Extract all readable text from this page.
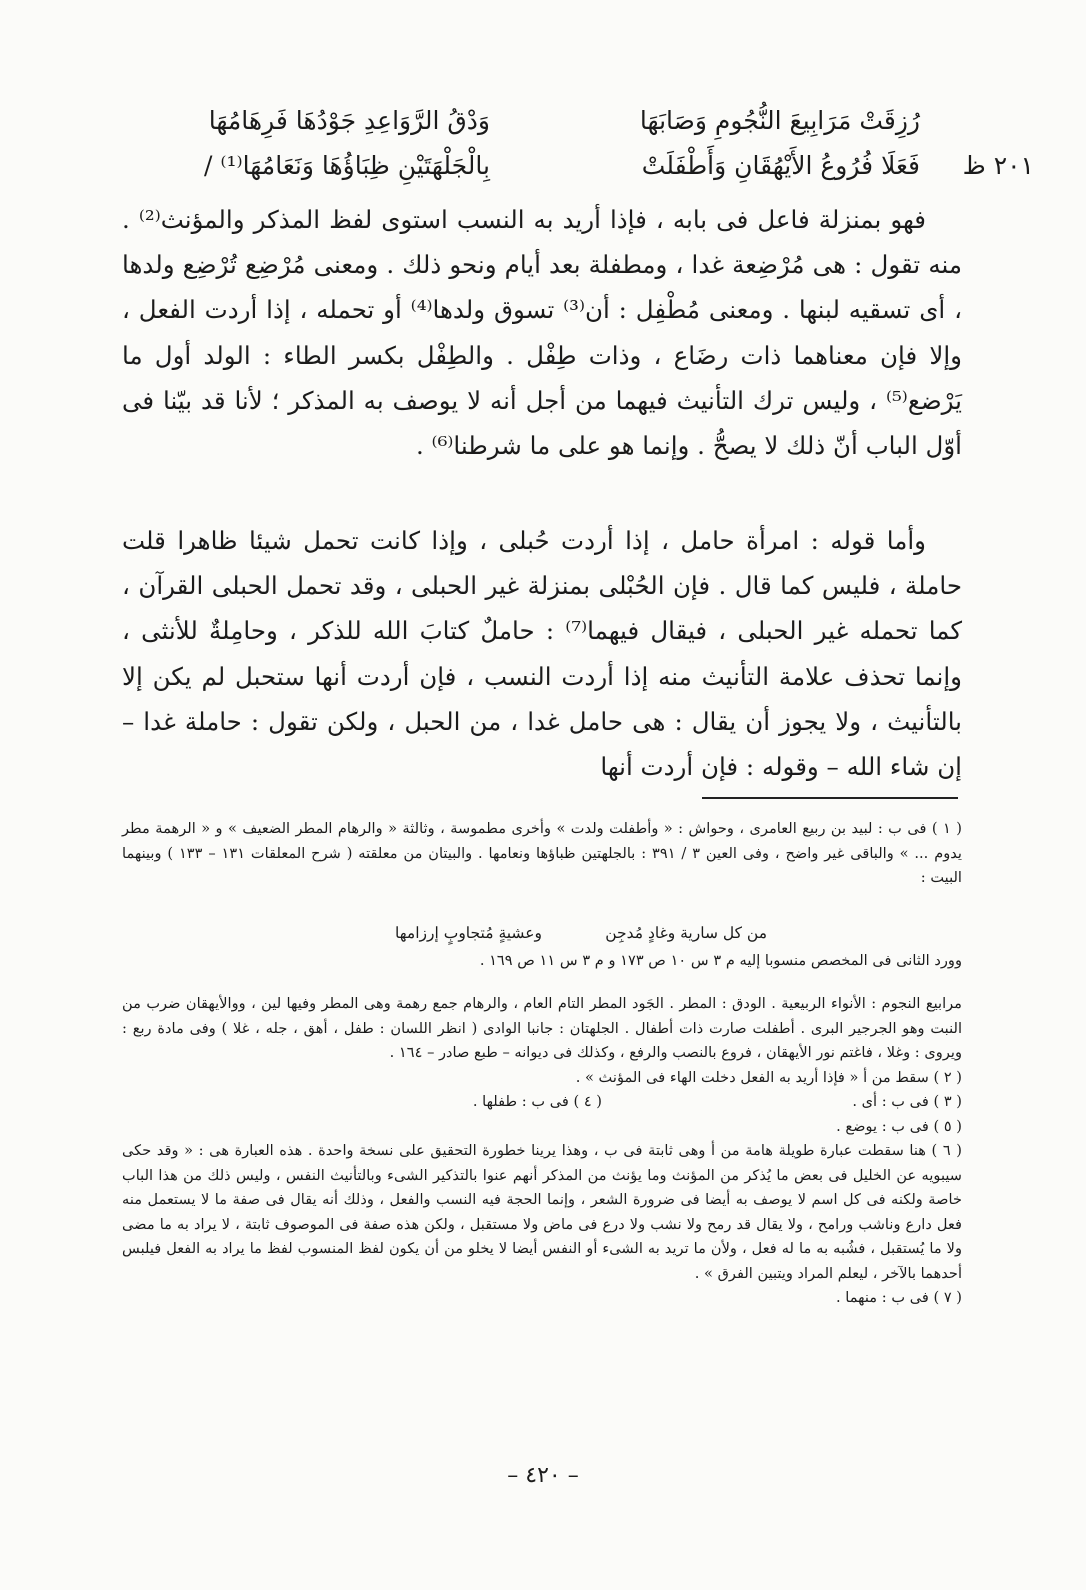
رُزِقَتْ مَرَابِيعَ النُّجُومِ وَصَابَهَا
وَدْقُ الرَّوَاعِدِ جَوْدُهَا فَرِهَامُهَا
فَعَلَا فُرُوعُ الأَيْهُقَانِ وَأَطْفَلَتْ
بِالْجَلْهَتَيْنِ ظِبَاؤُهَا وَنَعَامُهَا⁽¹⁾ /	٢٠١ ظ

فهو بمنزلة فاعل فى بابه ، فإذا أريد به النسب استوى لفظ المذكر والمؤنث⁽²⁾ . منه تقول : هى مُرْضِعة غدا ، ومطفلة بعد أيام ونحو ذلك . ومعنى مُرْضِع تُرْضِع ولدها ، أى تسقيه لبنها . ومعنى مُطْفِل : أن⁽³⁾ تسوق ولدها⁽⁴⁾ أو تحمله ، إذا أردت الفعل ، وإلا فإن معناهما ذات رضَاع ، وذات طِفْل . والطِفْل بكسر الطاء : الولد أول ما يَرْضع⁽⁵⁾ ، وليس ترك التأنيث فيهما من أجل أنه لا يوصف به المذكر ؛ لأنا قد بيّنا فى أوّل الباب أنّ ذلك لا يصحُّ . وإنما هو على ما شرطنا⁽⁶⁾ .

وأما قوله : امرأة حامل ، إذا أردت حُبلى ، وإذا كانت تحمل شيئا ظاهرا قلت حاملة ، فليس كما قال . فإن الحُبْلى بمنزلة غير الحبلى ، وقد تحمل الحبلى القرآن ، كما تحمله غير الحبلى ، فيقال فيهما⁽⁷⁾ : حاملٌ كتابَ الله للذكر ، وحامِلةٌ للأنثى ، وإنما تحذف علامة التأنيث منه إذا أردت النسب ، فإن أردت أنها ستحبل لم يكن إلا بالتأنيث ، ولا يجوز أن يقال : هى حامل غدا ، من الحبل ، ولكن تقول : حاملة غدا – إن شاء الله – وقوله : فإن أردت أنها

( ١ ) فى ب : لبيد بن ربيع العامرى ، وحواش : « وأطفلت ولدت » وأخرى مطموسة ، وثالثة « والرهام المطر الضعيف » و « الرهمة مطر يدوم ... » والباقى غير واضح ، وفى العين ٣ / ٣٩١ : بالجلهتين ظباؤها ونعامها . والبيتان من معلقته ( شرح المعلقات ١٣١ – ١٣٣ ) وبينهما البيت :

من كل سارية وغادٍ مُدجِن
وعشيةٍ مُتجاوبٍ إرزامها

وورد الثانى فى المخصص منسوبا إليه م ٣ س ١٠ ص ١٧٣ و م ٣ س ١١ ص ١٦٩ .

مرابيع النجوم : الأنواء الربيعية . الودق : المطر . الجَود المطر التام العام ، والرهام جمع رهمة وهى المطر وفيها لين ، ووالأيهقان ضرب من النبت وهو الجرجير البرى . أطفلت صارت ذات أطفال . الجلهتان : جانبا الوادى ( انظر اللسان : طفل ، أهق ، جله ، غلا ) وفى مادة ربع : ويروى : وغلا ، فاغتم نور الأيهقان ، فروع بالنصب والرفع ، وكذلك فى ديوانه – طبع صادر – ١٦٤ .

( ٢ ) سقط من أ « فإذا أريد به الفعل دخلت الهاء فى المؤنث » .

( ٣ ) فى ب : أى .
( ٤ ) فى ب : طفلها .

( ٥ ) فى ب : يوضع .

( ٦ ) هنا سقطت عبارة طويلة هامة من أ وهى ثابتة فى ب ، وهذا يرينا خطورة التحقيق على نسخة واحدة . هذه العبارة هى : « وقد حكى سيبويه عن الخليل فى بعض ما يُذكر من المؤنث وما يؤنث من المذكر أنهم عنوا بالتذكير الشىء وبالتأنيث النفس ، وليس ذلك من هذا الباب خاصة ولكنه فى كل اسم لا يوصف به أيضا فى ضرورة الشعر ، وإنما الحجة فيه النسب والفعل ، وذلك أنه يقال فى صفة ما لا يستعمل منه فعل دارع وناشب ورامح ، ولا يقال قد رمح ولا نشب ولا درع فى ماض ولا مستقبل ، ولكن هذه صفة فى الموصوف ثابتة ، لا يراد به ما مضى ولا ما يُستقبل ، فشُبه به ما له فعل ، ولأن ما تريد به الشىء أو النفس أيضا لا يخلو من أن يكون لفظ المنسوب لفظ ما يراد به الفعل فيلبس أحدهما بالآخر ، ليعلم المراد ويتبين الفرق » .

( ٧ ) فى ب : منهما .

– ٤٢٠ –
